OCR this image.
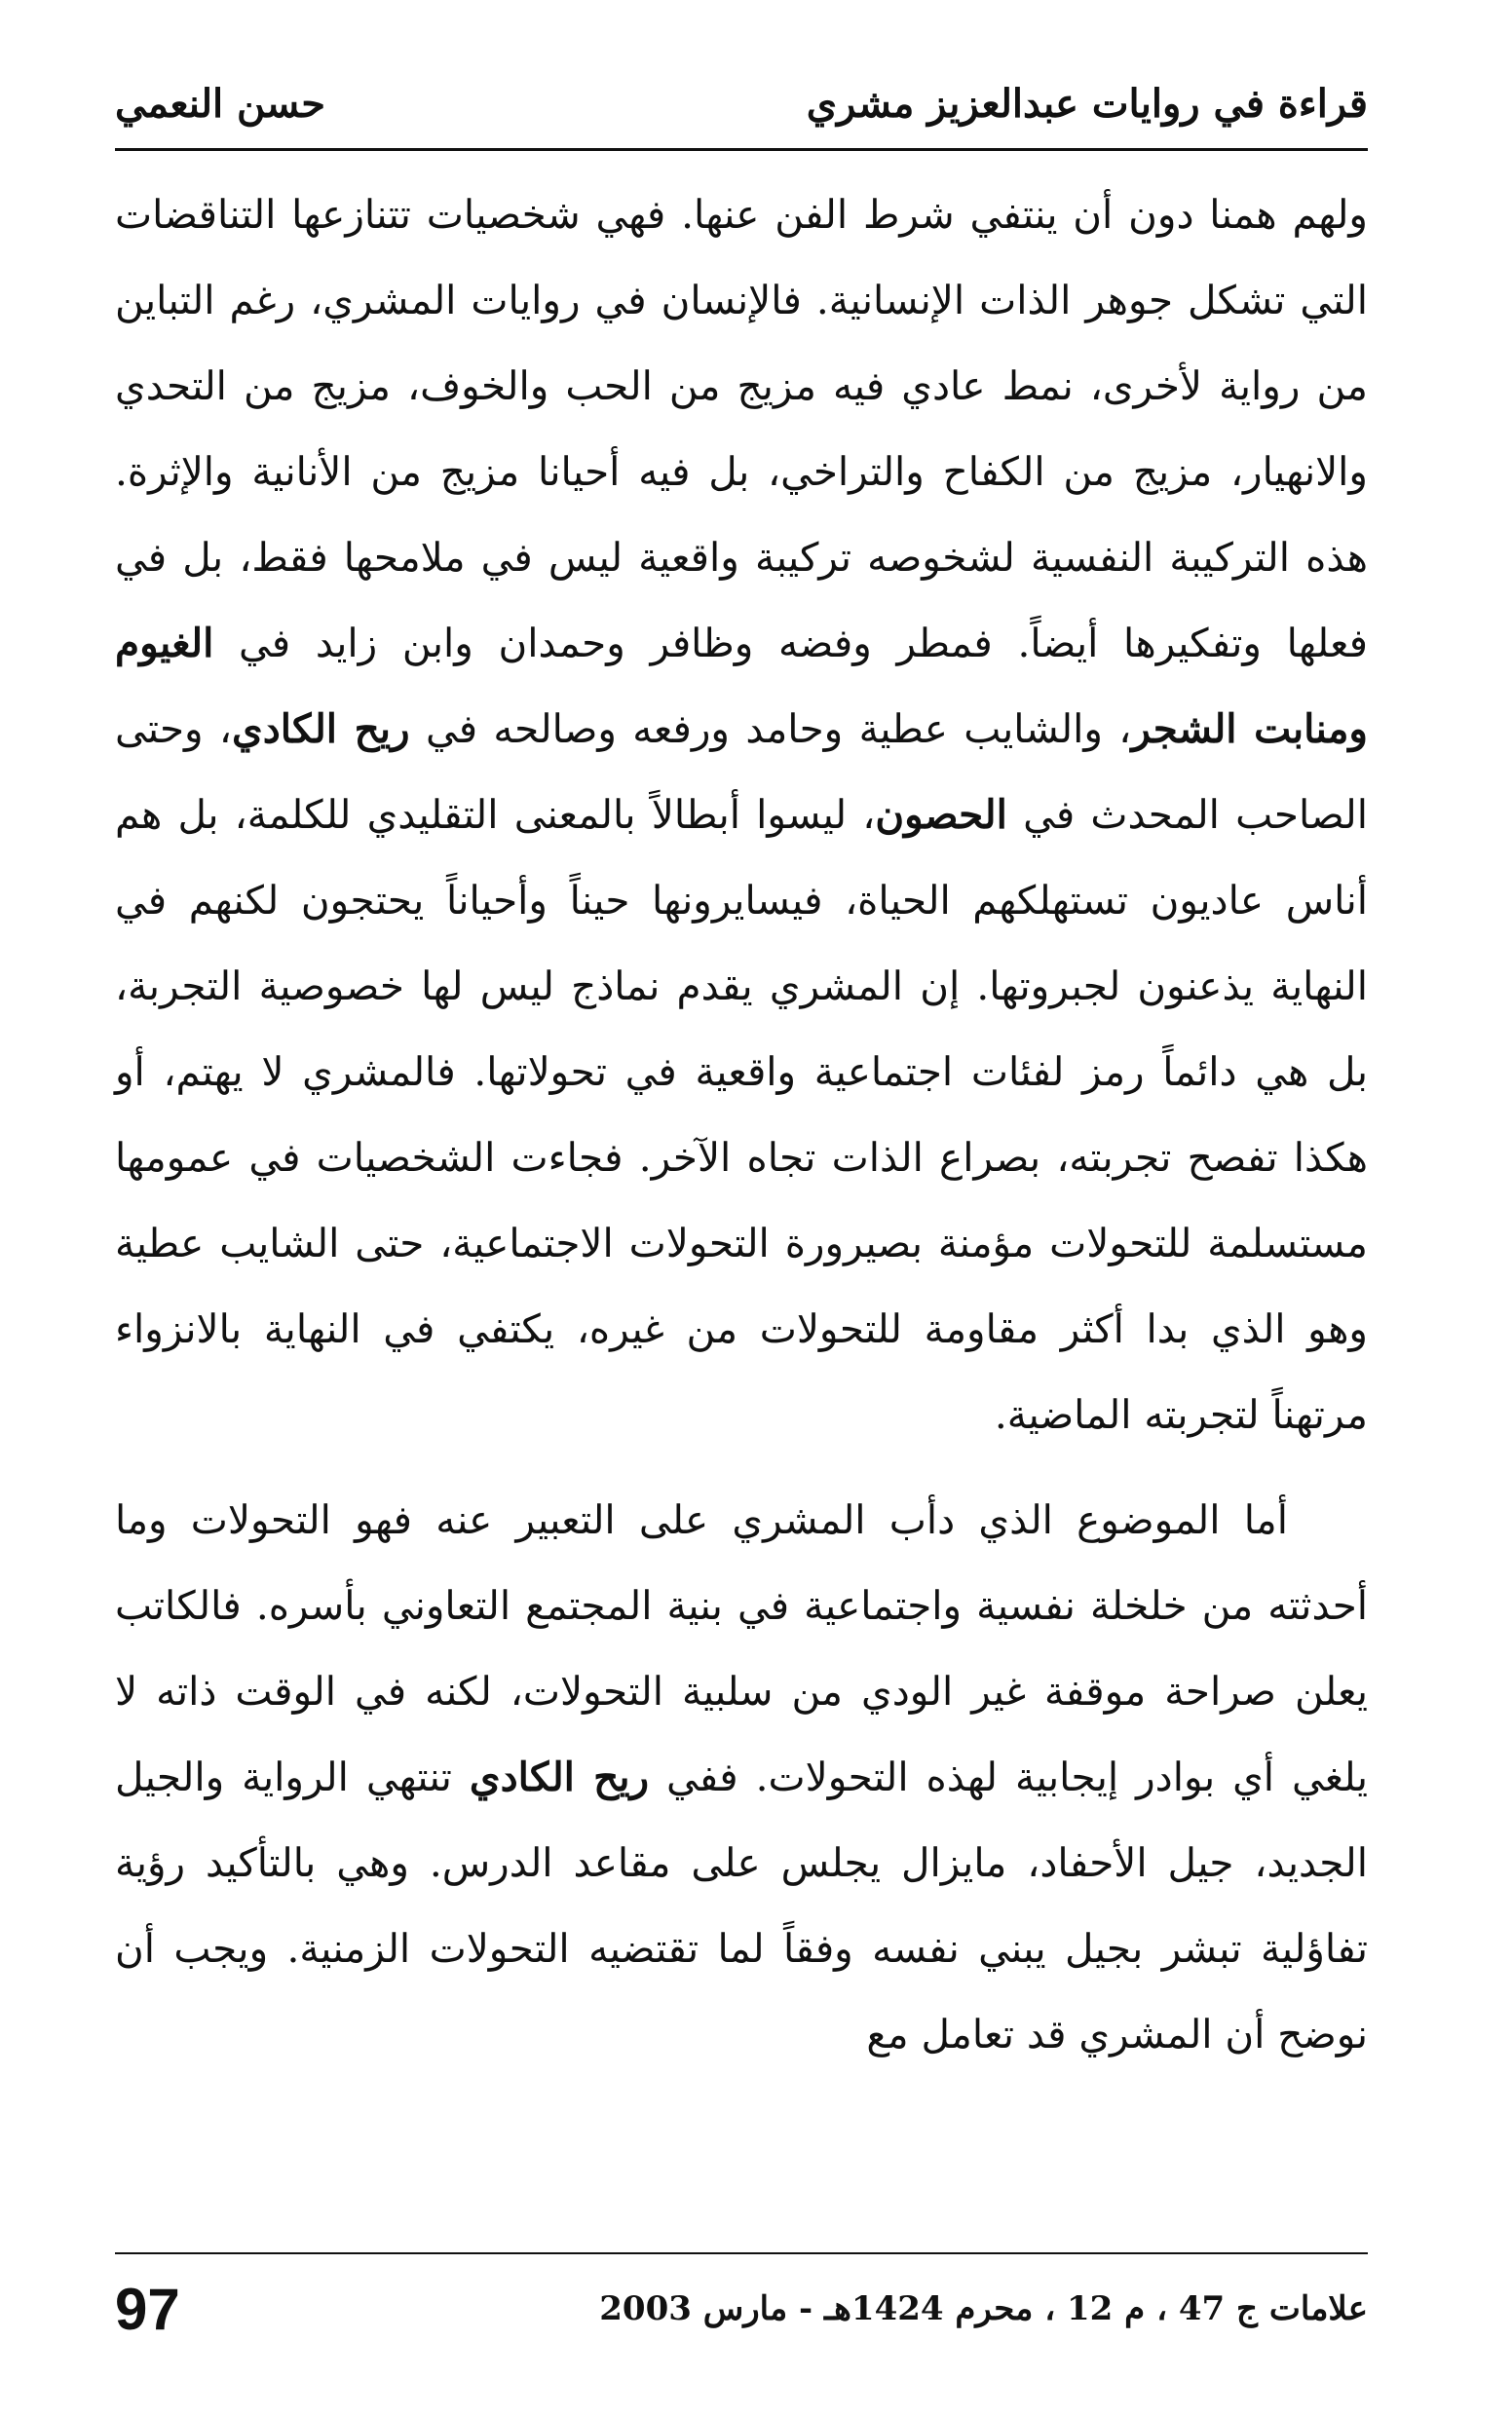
قراءة في روايات عبدالعزيز مشري
حسن النعمي

ولهم همنا دون أن ينتفي شرط الفن عنها. فهي شخصيات تتنازعها التناقضات التي تشكل جوهر الذات الإنسانية. فالإنسان في روايات المشري، رغم التباين من رواية لأخرى، نمط عادي فيه مزيج من الحب والخوف، مزيج من التحدي والانهيار، مزيج من الكفاح والتراخي، بل فيه أحيانا مزيج من الأنانية والإثرة. هذه التركيبة النفسية لشخوصه تركيبة واقعية ليس في ملامحها فقط، بل في فعلها وتفكيرها أيضاً. فمطر وفضه وظافر وحمدان وابن زايد في الغيوم ومنابت الشجر، والشايب عطية وحامد ورفعه وصالحه في ريح الكادي، وحتى الصاحب المحدث في الحصون، ليسوا أبطالاً بالمعنى التقليدي للكلمة، بل هم أناس عاديون تستهلكهم الحياة، فيسايرونها حيناً وأحياناً يحتجون لكنهم في النهاية يذعنون لجبروتها. إن المشري يقدم نماذج ليس لها خصوصية التجربة، بل هي دائماً رمز لفئات اجتماعية واقعية في تحولاتها. فالمشري لا يهتم، أو هكذا تفصح تجربته، بصراع الذات تجاه الآخر. فجاءت الشخصيات في عمومها مستسلمة للتحولات مؤمنة بصيرورة التحولات الاجتماعية، حتى الشايب عطية وهو الذي بدا أكثر مقاومة للتحولات من غيره، يكتفي في النهاية بالانزواء مرتهناً لتجربته الماضية.

أما الموضوع الذي دأب المشري على التعبير عنه فهو التحولات وما أحدثته من خلخلة نفسية واجتماعية في بنية المجتمع التعاوني بأسره. فالكاتب يعلن صراحة موقفة غير الودي من سلبية التحولات، لكنه في الوقت ذاته لا يلغي أي بوادر إيجابية لهذه التحولات. ففي ريح الكادي تنتهي الرواية والجيل الجديد، جيل الأحفاد، مايزال يجلس على مقاعد الدرس. وهي بالتأكيد رؤية تفاؤلية تبشر بجيل يبني نفسه وفقاً لما تقتضيه التحولات الزمنية. ويجب أن نوضح أن المشري قد تعامل مع

علامات ج 47 ، م 12 ، محرم 1424هـ - مارس 2003
97
